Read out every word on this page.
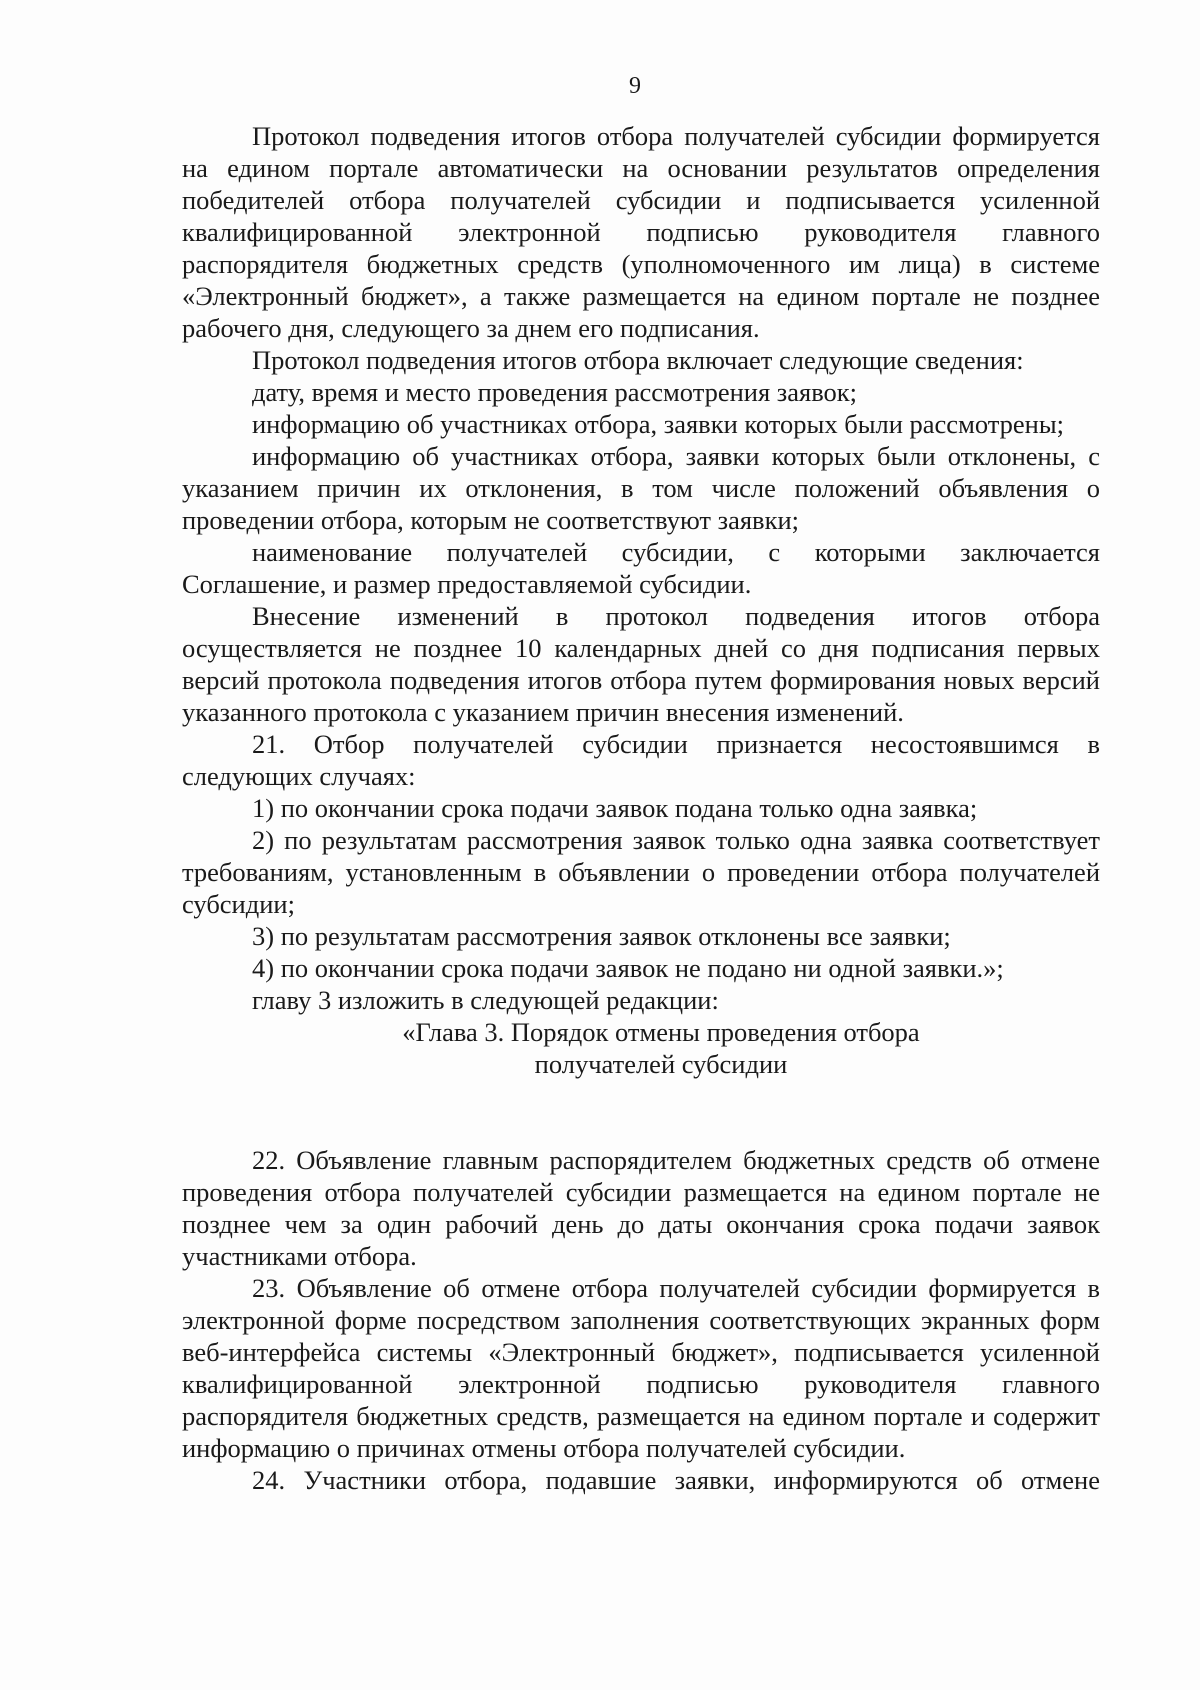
9

Протокол подведения итогов отбора получателей субсидии формируется на едином портале автоматически на основании результатов определения победителей отбора получателей субсидии и подписывается усиленной квалифицированной электронной подписью руководителя главного распорядителя бюджетных средств (уполномоченного им лица) в системе «Электронный бюджет», а также размещается на едином портале не позднее рабочего дня, следующего за днем его подписания.

Протокол подведения итогов отбора включает следующие сведения:

дату, время и место проведения рассмотрения заявок;

информацию об участниках отбора, заявки которых были рассмотрены;

информацию об участниках отбора, заявки которых были отклонены, с указанием причин их отклонения, в том числе положений объявления о проведении отбора, которым не соответствуют заявки;

наименование получателей субсидии, с которыми заключается Соглашение, и размер предоставляемой субсидии.

Внесение изменений в протокол подведения итогов отбора осуществляется не позднее 10 календарных дней со дня подписания первых версий протокола подведения итогов отбора путем формирования новых версий указанного протокола с указанием причин внесения изменений.

21. Отбор получателей субсидии признается несостоявшимся в следующих случаях:

1) по окончании срока подачи заявок подана только одна заявка;

2) по результатам рассмотрения заявок только одна заявка соответствует требованиям, установленным в объявлении о проведении отбора получателей субсидии;

3) по результатам рассмотрения заявок отклонены все заявки;

4) по окончании срока подачи заявок не подано ни одной заявки.»;

главу 3 изложить в следующей редакции:

«Глава 3. Порядок отмены проведения отбора

получателей субсидии

22. Объявление главным распорядителем бюджетных средств об отмене проведения отбора получателей субсидии размещается на едином портале не позднее чем за один рабочий день до даты окончания срока подачи заявок участниками отбора.

23. Объявление об отмене отбора получателей субсидии формируется в электронной форме посредством заполнения соответствующих экранных форм веб-интерфейса системы «Электронный бюджет», подписывается усиленной квалифицированной электронной подписью руководителя главного распорядителя бюджетных средств, размещается на едином портале и содержит информацию о причинах отмены отбора получателей субсидии.

24. Участники отбора, подавшие заявки, информируются об отмене
